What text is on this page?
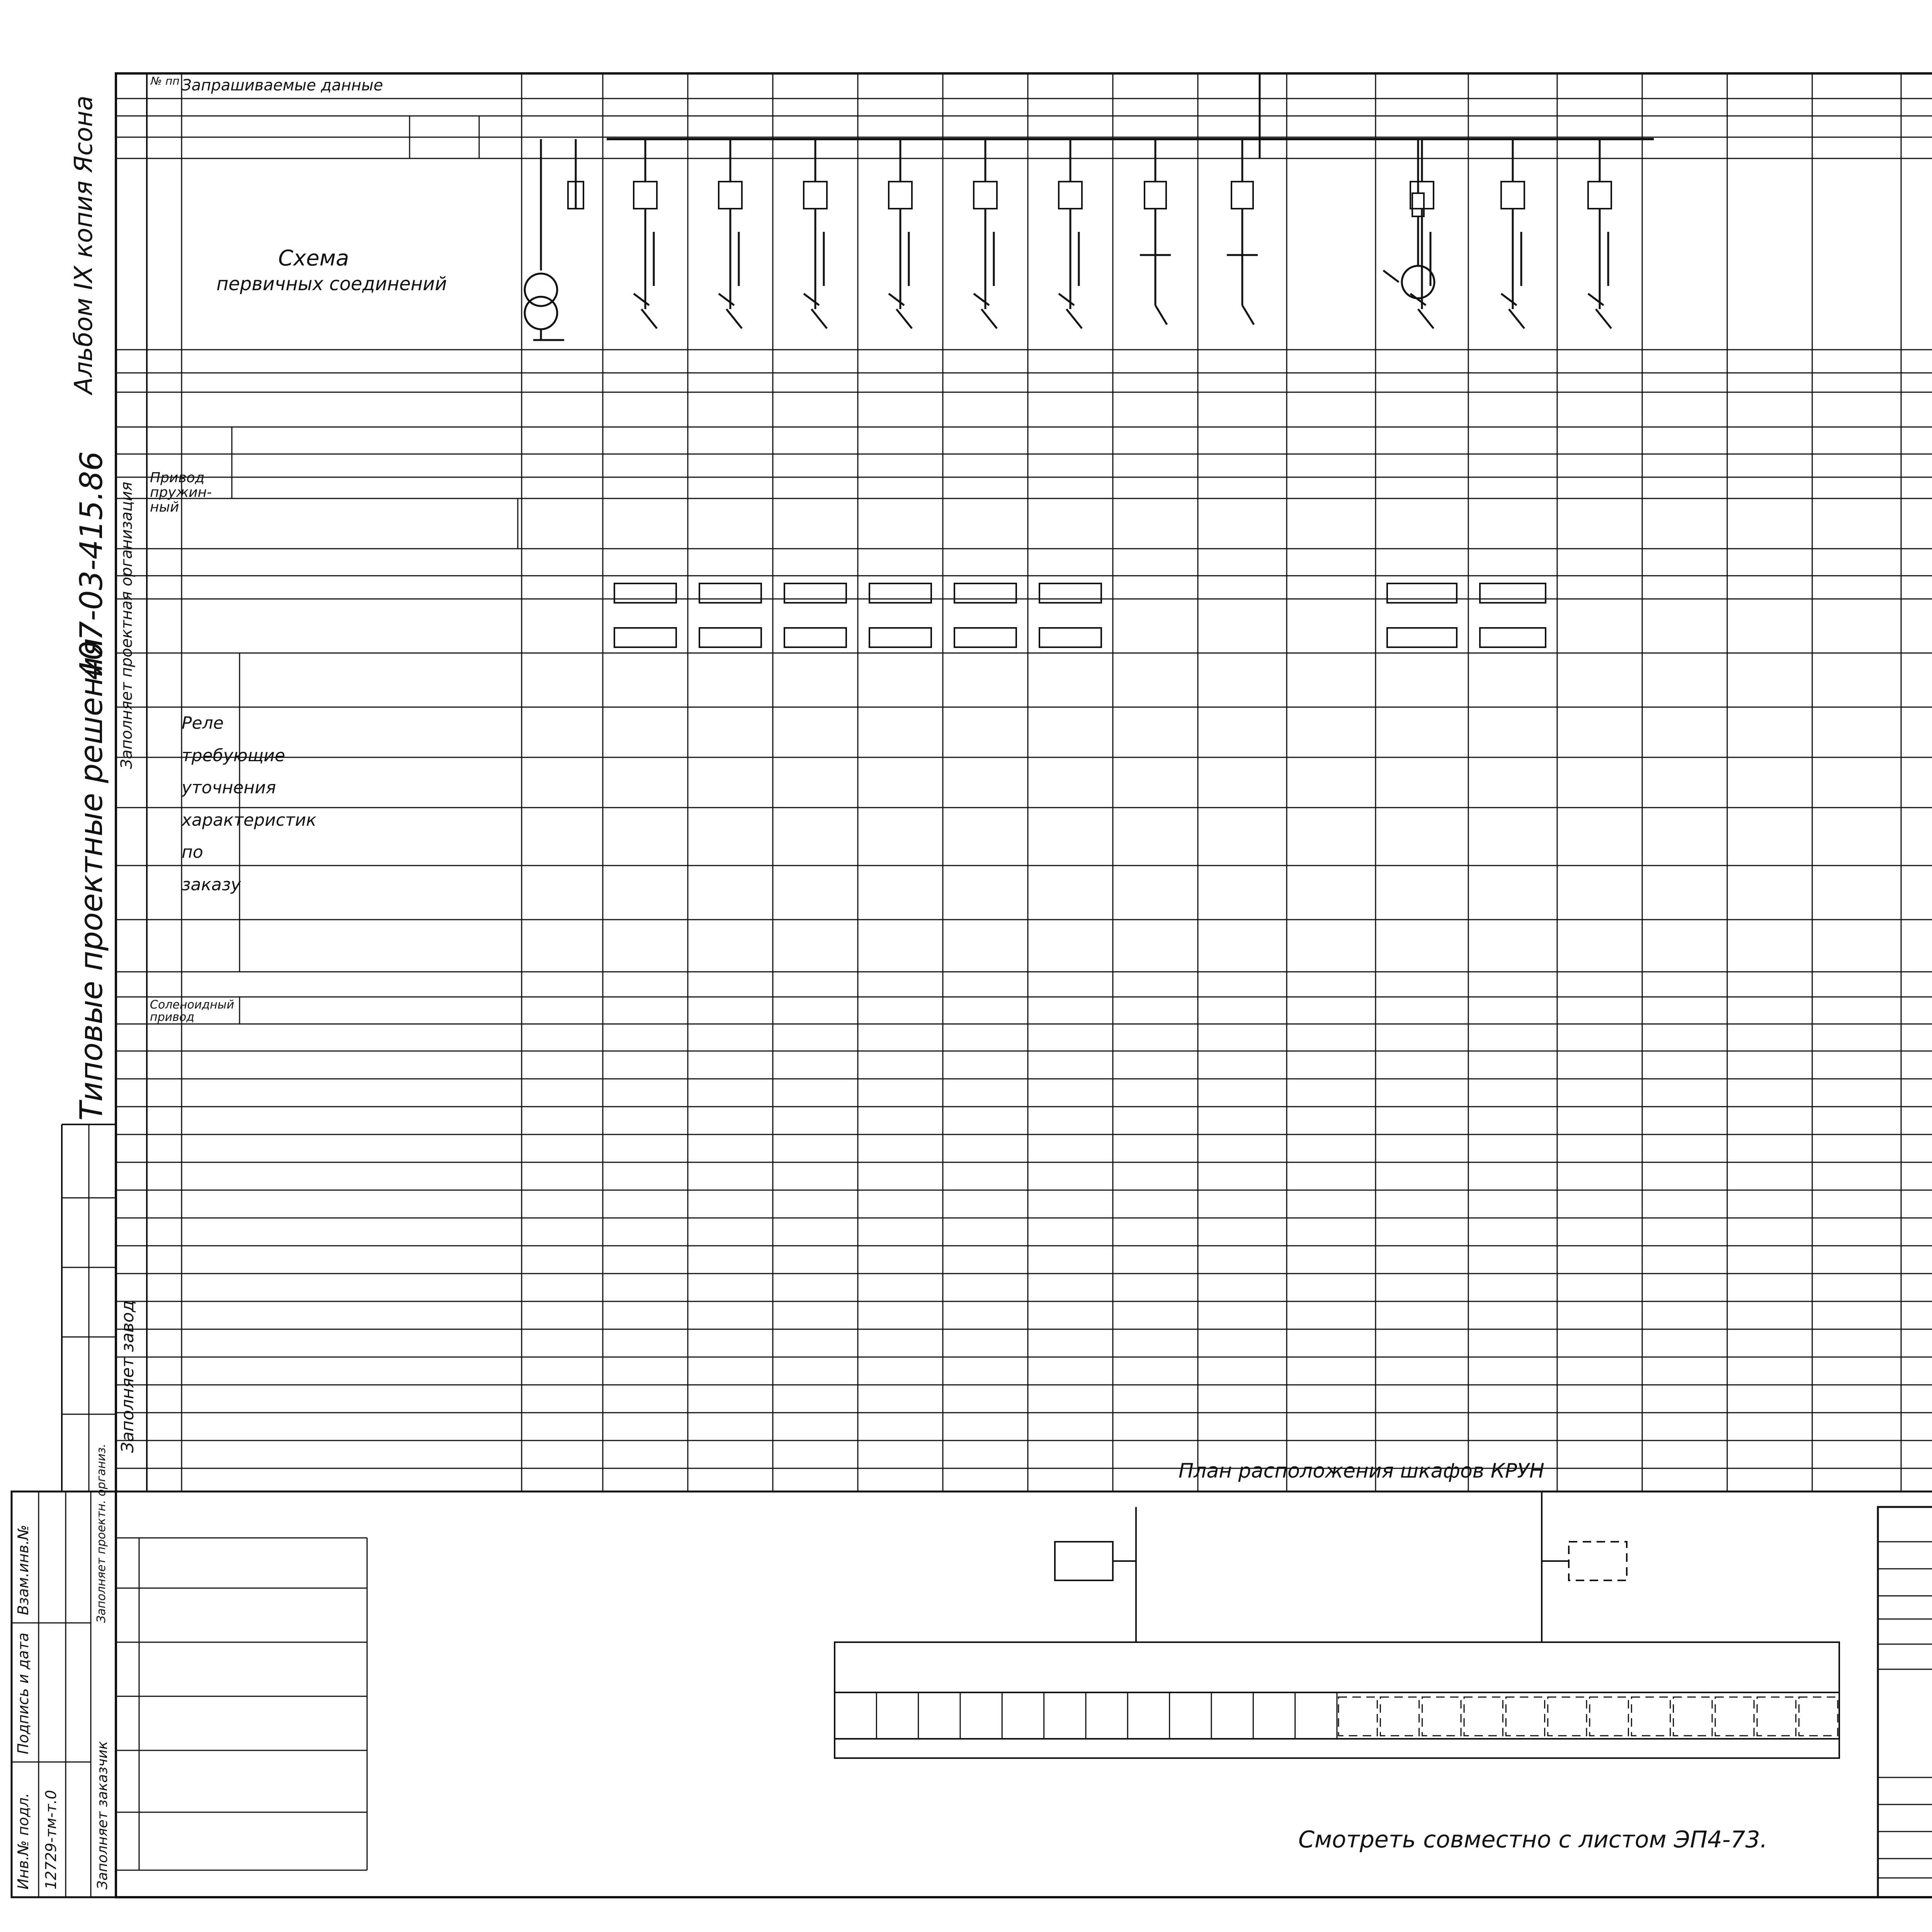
Альбом IX копия Ясона
407-03-415.86
Типовые проектные решения
Заполняет проектная организация
Заполняет завод
Инв.№ подл.
Подпись и дата
Взам.инв.№
12729-тм-т.0	Заполняет заказчик
Заполняет проектн. организ.
№ пп Запрашиваемые данные
Схема
первичных соединений
Привод пружин-ный
Соленоидный привод
Реле требующие уточнения характеристик по заказу
План расположения шкафов КРУН
Смотреть совместно с листом ЭП4-73.
